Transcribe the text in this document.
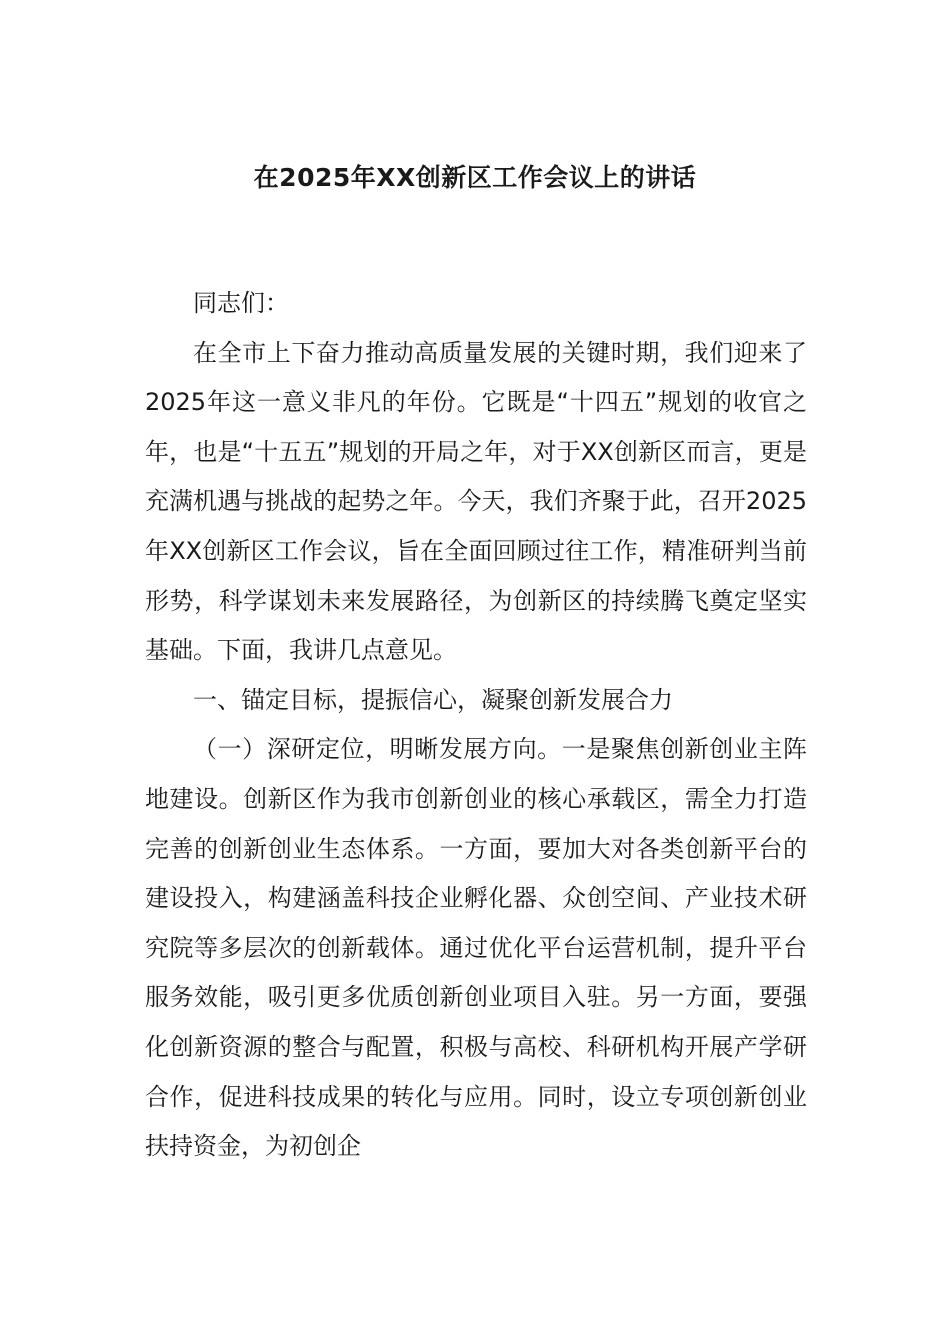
在2025年XX创新区工作会议上的讲话

同志们：

在全市上下奋力推动高质量发展的关键时期，我们迎来了2025年这一意义非凡的年份。它既是“十四五”规划的收官之年，也是“十五五”规划的开局之年，对于XX创新区而言，更是充满机遇与挑战的起势之年。今天，我们齐聚于此，召开2025年XX创新区工作会议，旨在全面回顾过往工作，精准研判当前形势，科学谋划未来发展路径，为创新区的持续腾飞奠定坚实基础。下面，我讲几点意见。

一、锚定目标，提振信心，凝聚创新发展合力

（一）深研定位，明晰发展方向。一是聚焦创新创业主阵地建设。创新区作为我市创新创业的核心承载区，需全力打造完善的创新创业生态体系。一方面，要加大对各类创新平台的建设投入，构建涵盖科技企业孵化器、众创空间、产业技术研究院等多层次的创新载体。通过优化平台运营机制，提升平台服务效能，吸引更多优质创新创业项目入驻。另一方面，要强化创新资源的整合与配置，积极与高校、科研机构开展产学研合作，促进科技成果的转化与应用。同时，设立专项创新创业扶持资金，为初创企
